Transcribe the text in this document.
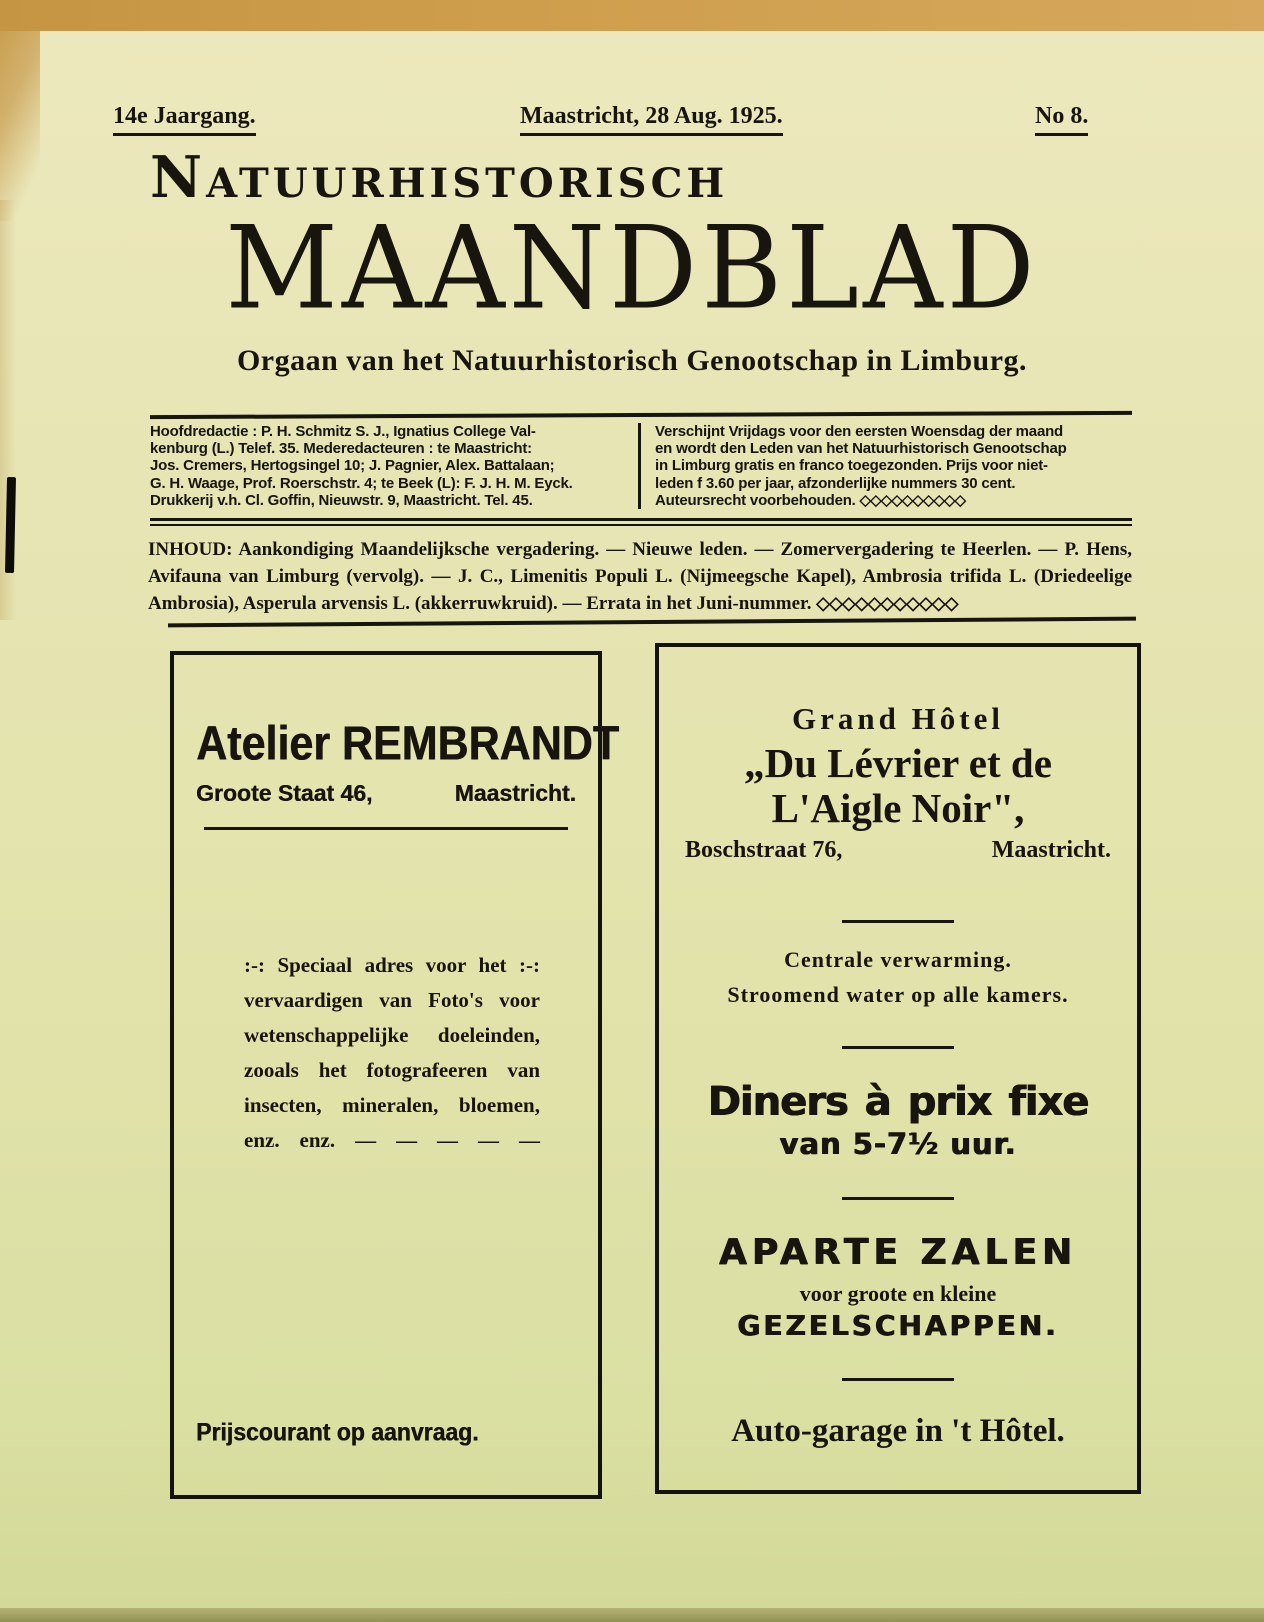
14e Jaargang.	Maastricht, 28 Aug. 1925.	No 8.
NATUURHISTORISCH
MAANDBLAD
Orgaan van het Natuurhistorisch Genootschap in Limburg.
Hoofdredactie : P. H. Schmitz S. J., Ignatius College Val-
kenburg (L.) Telef. 35. Mederedacteuren : te Maastricht:
Jos. Cremers, Hertogsingel 10; J. Pagnier, Alex. Battalaan;
G. H. Waage, Prof. Roerschstr. 4; te Beek (L): F. J. H. M. Eyck.
Drukkerij v.h. Cl. Goffin, Nieuwstr. 9, Maastricht. Tel. 45.
Verschijnt Vrijdags voor den eersten Woensdag der maand
en wordt den Leden van het Natuurhistorisch Genootschap
in Limburg gratis en franco toegezonden. Prijs voor niet-
leden f 3.60 per jaar, afzonderlijke nummers 30 cent.
Auteursrecht voorbehouden. ◇◇◇◇◇◇◇◇◇◇
INHOUD: Aankondiging Maandelijksche vergadering. — Nieuwe leden. — Zomervergadering te Heerlen. — P. Hens, Avifauna van Limburg (vervolg). — J. C., Limenitis Populi L. (Nijmeegsche Kapel), Ambrosia trifida L. (Driedeelige Ambrosia), Asperula arvensis L. (akkerruwkruid). — Errata in het Juni-nummer. ◇◇◇◇◇◇◇◇◇◇◇
Atelier REMBRANDT
Groote Staat 46,	Maastricht.
:-: Speciaal adres voor het :-:
vervaardigen van Foto's voor
wetenschappelijke doeleinden,
zooals het fotografeeren van
insecten, mineralen, bloemen,
enz. enz. — — — — —
Prijscourant op aanvraag.
Grand Hôtel
„Du Lévrier et de
L'Aigle Noir",
Boschstraat 76,	Maastricht.
Centrale verwarming.
Stroomend water op alle kamers.
Diners à prix fixe
van 5-7½ uur.
APARTE ZALEN
voor groote en kleine
GEZELSCHAPPEN.
Auto-garage in 't Hôtel.
